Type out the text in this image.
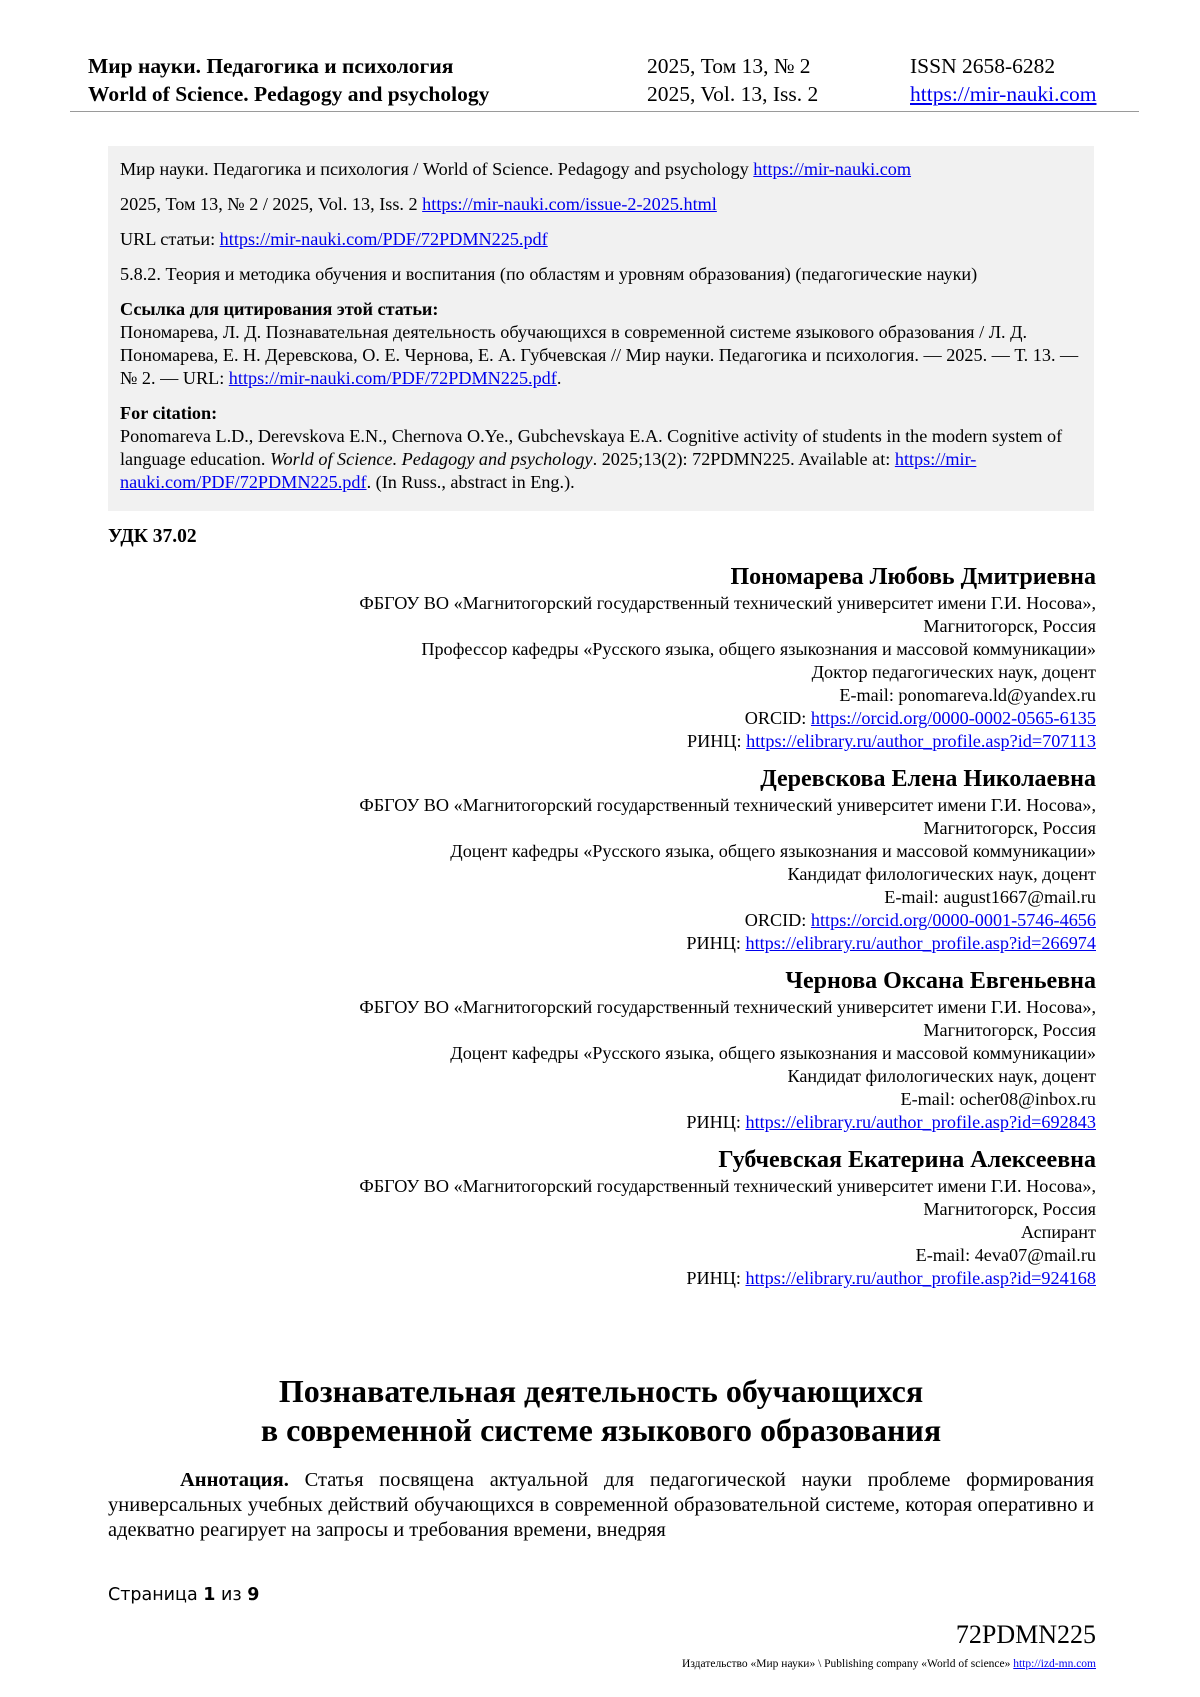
Мир науки. Педагогика и психология
World of Science. Pedagogy and psychology
2025, Том 13, № 2
2025, Vol. 13, Iss. 2
ISSN 2658-6282
https://mir-nauki.com
Мир науки. Педагогика и психология / World of Science. Pedagogy and psychology https://mir-nauki.com
2025, Том 13, № 2 / 2025, Vol. 13, Iss. 2 https://mir-nauki.com/issue-2-2025.html
URL статьи: https://mir-nauki.com/PDF/72PDMN225.pdf
5.8.2. Теория и методика обучения и воспитания (по областям и уровням образования) (педагогические науки)
Ссылка для цитирования этой статьи:
Пономарева, Л. Д. Познавательная деятельность обучающихся в современной системе языкового образования / Л. Д. Пономарева, Е. Н. Деревскова, О. Е. Чернова, Е. А. Губчевская // Мир науки. Педагогика и психология. — 2025. — Т. 13. — № 2. — URL: https://mir-nauki.com/PDF/72PDMN225.pdf.
For citation:
Ponomareva L.D., Derevskova E.N., Chernova O.Ye., Gubchevskaya E.A. Cognitive activity of students in the modern system of language education. World of Science. Pedagogy and psychology. 2025;13(2): 72PDMN225. Available at: https://mir-nauki.com/PDF/72PDMN225.pdf. (In Russ., abstract in Eng.).
УДК 37.02
Пономарева Любовь Дмитриевна
ФБГОУ ВО «Магнитогорский государственный технический университет имени Г.И. Носова»,
Магнитогорск, Россия
Профессор кафедры «Русского языка, общего языкознания и массовой коммуникации»
Доктор педагогических наук, доцент
E-mail: ponomareva.ld@yandex.ru
ORCID: https://orcid.org/0000-0002-0565-6135
РИНЦ: https://elibrary.ru/author_profile.asp?id=707113
Деревскова Елена Николаевна
ФБГОУ ВО «Магнитогорский государственный технический университет имени Г.И. Носова»,
Магнитогорск, Россия
Доцент кафедры «Русского языка, общего языкознания и массовой коммуникации»
Кандидат филологических наук, доцент
E-mail: august1667@mail.ru
ORCID: https://orcid.org/0000-0001-5746-4656
РИНЦ: https://elibrary.ru/author_profile.asp?id=266974
Чернова Оксана Евгеньевна
ФБГОУ ВО «Магнитогорский государственный технический университет имени Г.И. Носова»,
Магнитогорск, Россия
Доцент кафедры «Русского языка, общего языкознания и массовой коммуникации»
Кандидат филологических наук, доцент
E-mail: ocher08@inbox.ru
РИНЦ: https://elibrary.ru/author_profile.asp?id=692843
Губчевская Екатерина Алексеевна
ФБГОУ ВО «Магнитогорский государственный технический университет имени Г.И. Носова»,
Магнитогорск, Россия
Аспирант
E-mail: 4eva07@mail.ru
РИНЦ: https://elibrary.ru/author_profile.asp?id=924168
Познавательная деятельность обучающихся
в современной системе языкового образования
Аннотация. Статья посвящена актуальной для педагогической науки проблеме формирования универсальных учебных действий обучающихся в современной образовательной системе, которая оперативно и адекватно реагирует на запросы и требования времени, внедряя
Страница 1 из 9
72PDMN225
Издательство «Мир науки» \ Publishing company «World of science» http://izd-mn.com
